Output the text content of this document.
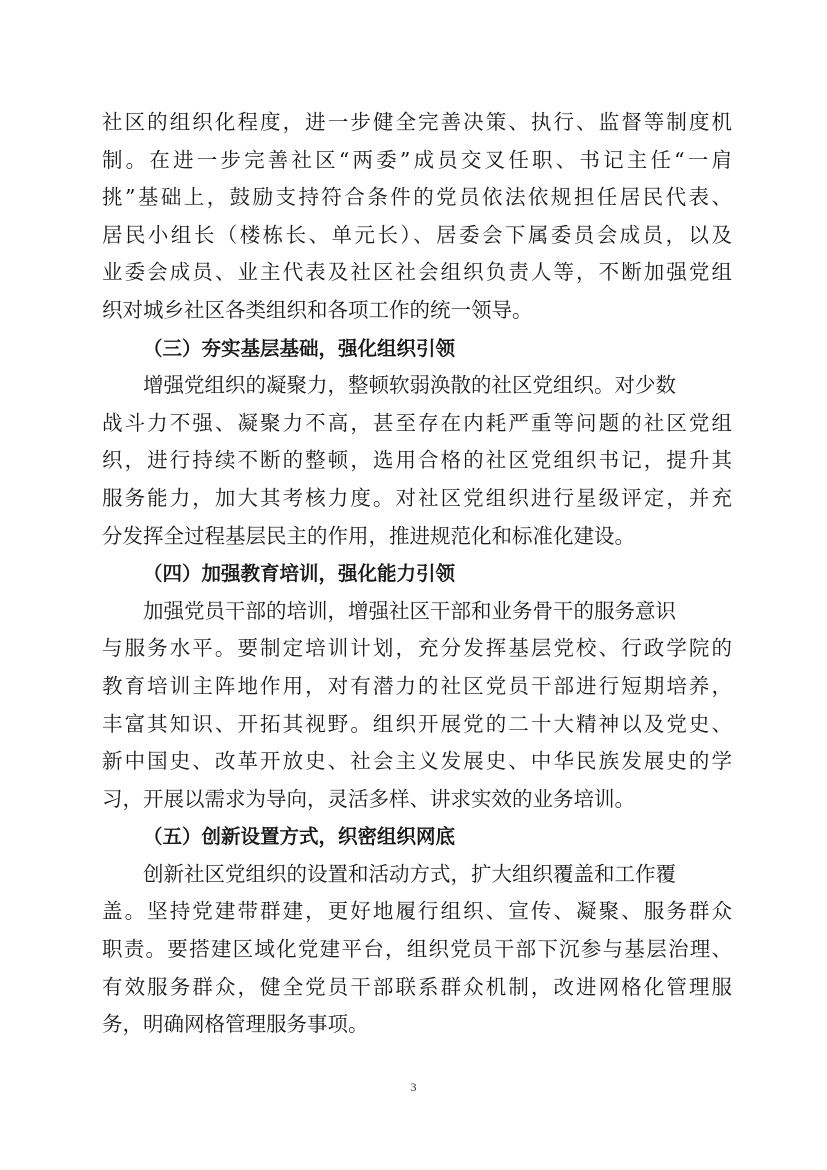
社区的组织化程度，进一步健全完善决策、执行、监督等制度机
制。在进一步完善社区“两委”成员交叉任职、书记主任“一肩
挑”基础上，鼓励支持符合条件的党员依法依规担任居民代表、
居民小组长（楼栋长、单元长）、居委会下属委员会成员，以及
业委会成员、业主代表及社区社会组织负责人等，不断加强党组
织对城乡社区各类组织和各项工作的统一领导。
（三）夯实基层基础，强化组织引领
增强党组织的凝聚力，整顿软弱涣散的社区党组织。对少数
战斗力不强、凝聚力不高，甚至存在内耗严重等问题的社区党组
织，进行持续不断的整顿，选用合格的社区党组织书记，提升其
服务能力，加大其考核力度。对社区党组织进行星级评定，并充
分发挥全过程基层民主的作用，推进规范化和标准化建设。
（四）加强教育培训，强化能力引领
加强党员干部的培训，增强社区干部和业务骨干的服务意识
与服务水平。要制定培训计划，充分发挥基层党校、行政学院的
教育培训主阵地作用，对有潜力的社区党员干部进行短期培养，
丰富其知识、开拓其视野。组织开展党的二十大精神以及党史、
新中国史、改革开放史、社会主义发展史、中华民族发展史的学
习，开展以需求为导向，灵活多样、讲求实效的业务培训。
（五）创新设置方式，织密组织网底
创新社区党组织的设置和活动方式，扩大组织覆盖和工作覆
盖。坚持党建带群建，更好地履行组织、宣传、凝聚、服务群众
职责。要搭建区域化党建平台，组织党员干部下沉参与基层治理、
有效服务群众，健全党员干部联系群众机制，改进网格化管理服
务，明确网格管理服务事项。
3
